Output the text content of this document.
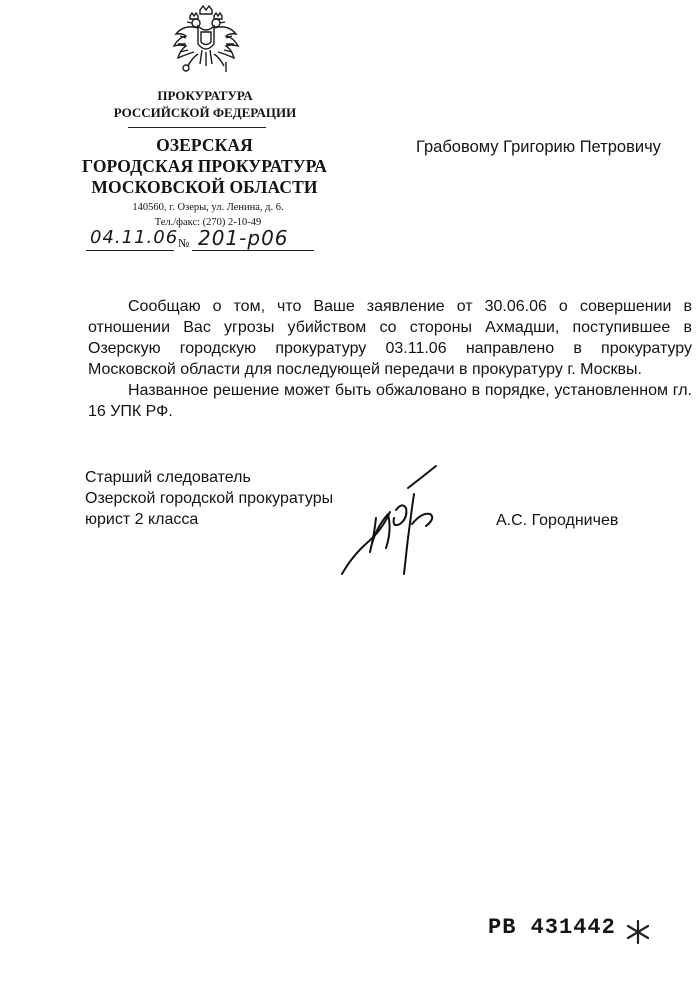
ПРОКУРАТУРА
РОССИЙСКОЙ ФЕДЕРАЦИИ
ОЗЕРСКАЯ
ГОРОДСКАЯ ПРОКУРАТУРА
МОСКОВСКОЙ ОБЛАСТИ
140560, г. Озеры, ул. Ленина, д. 6.
Тел./факс: (270) 2-10-49
04.11.06 № 201-р06
Грабовому Григорию Петровичу

Сообщаю о том, что Ваше заявление от 30.06.06 о совершении в отношении Вас угрозы убийством со стороны Ахмадши, поступившее в Озерскую городскую прокуратуру 03.11.06 направлено в прокуратуру Московской области для последующей передачи в прокуратуру г. Москвы.

Названное решение может быть обжаловано в порядке, установленном гл. 16 УПК РФ.

Старший следователь
Озерской городской прокуратуры
юрист 2 класса	А.С. Городничев
РВ 431442
